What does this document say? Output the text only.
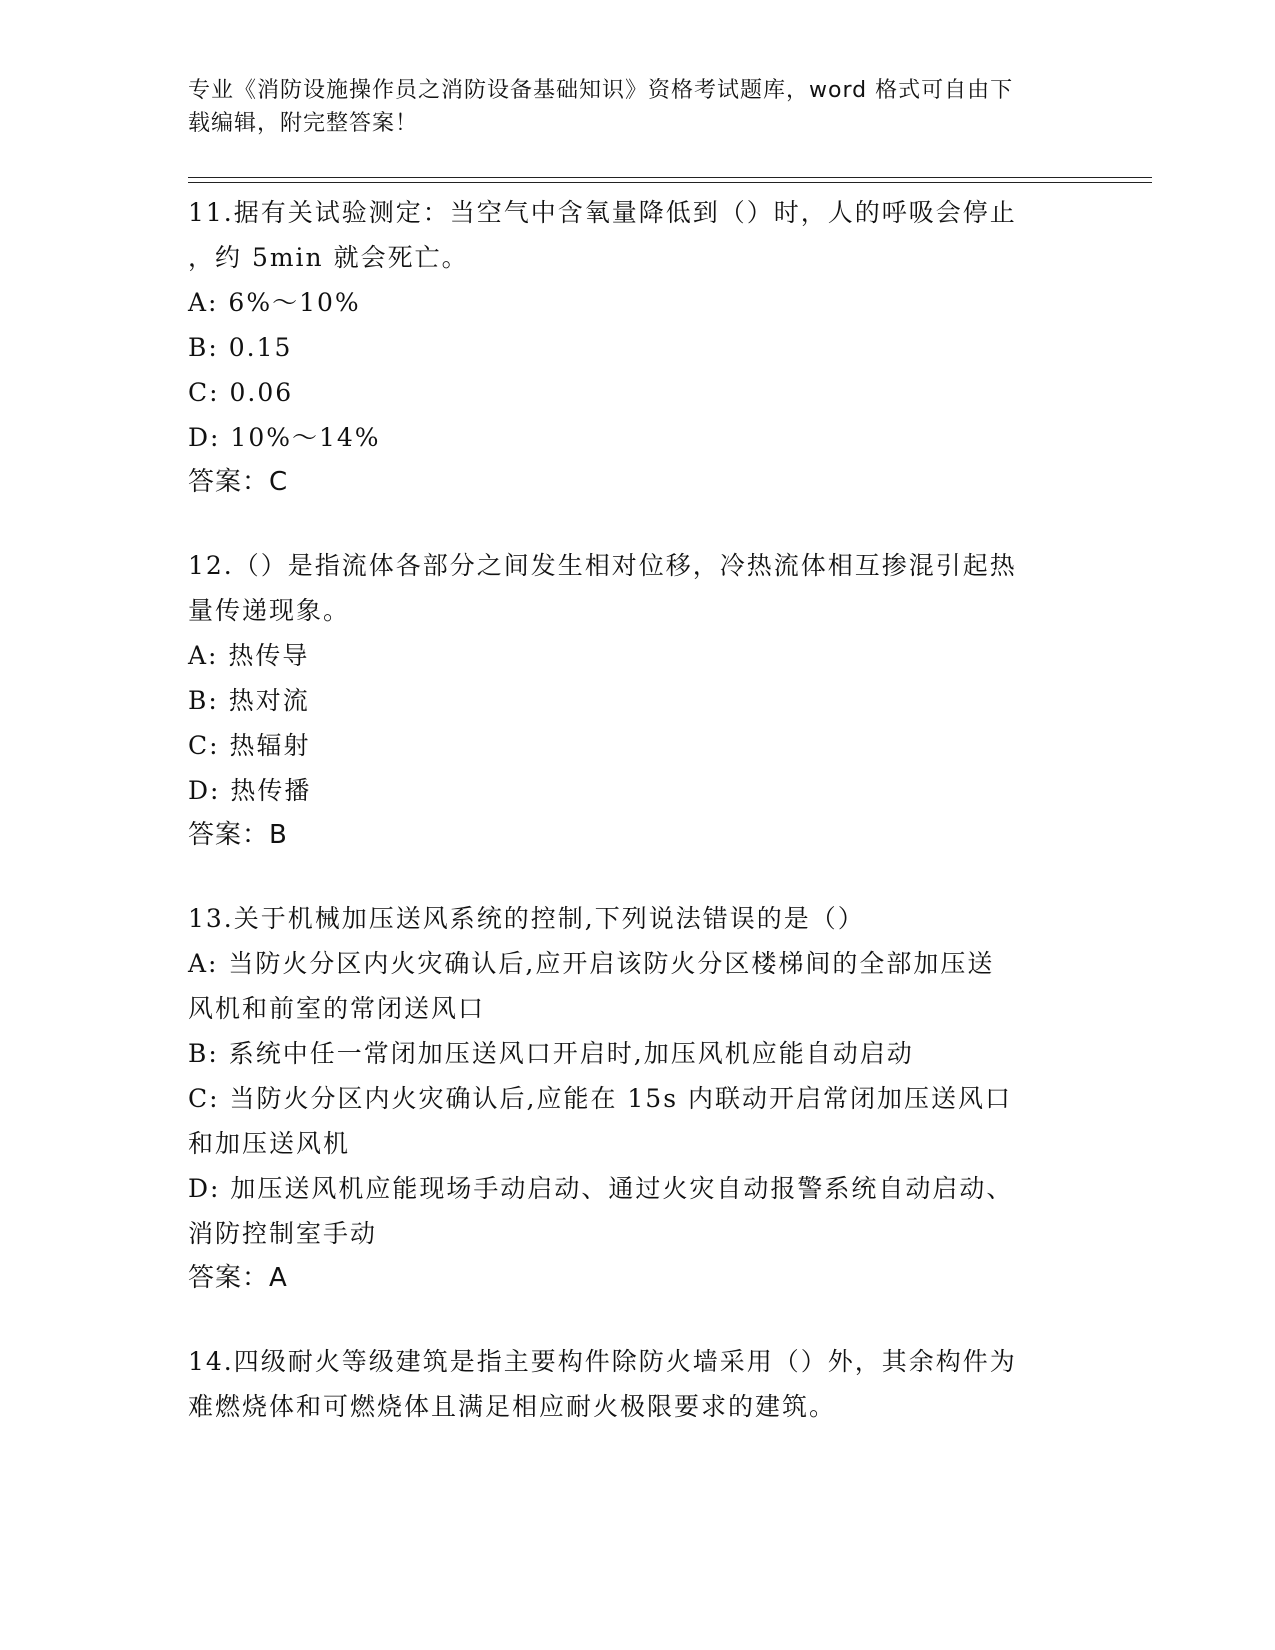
专业《消防设施操作员之消防设备基础知识》资格考试题库，word 格式可自由下
载编辑，附完整答案！

11.据有关试验测定：当空气中含氧量降低到（）时，人的呼吸会停止

，约 5min 就会死亡。

A: 6%～10%

B: 0.15

C: 0.06

D: 10%～14%

答案：C

12.（）是指流体各部分之间发生相对位移，冷热流体相互掺混引起热

量传递现象。

A: 热传导

B: 热对流

C: 热辐射

D: 热传播

答案：B

13.关于机械加压送风系统的控制,下列说法错误的是（）

A: 当防火分区内火灾确认后,应开启该防火分区楼梯间的全部加压送

风机和前室的常闭送风口

B: 系统中任一常闭加压送风口开启时,加压风机应能自动启动

C: 当防火分区内火灾确认后,应能在 15s 内联动开启常闭加压送风口

和加压送风机

D: 加压送风机应能现场手动启动、通过火灾自动报警系统自动启动、

消防控制室手动

答案：A

14.四级耐火等级建筑是指主要构件除防火墙采用（）外，其余构件为

难燃烧体和可燃烧体且满足相应耐火极限要求的建筑。
